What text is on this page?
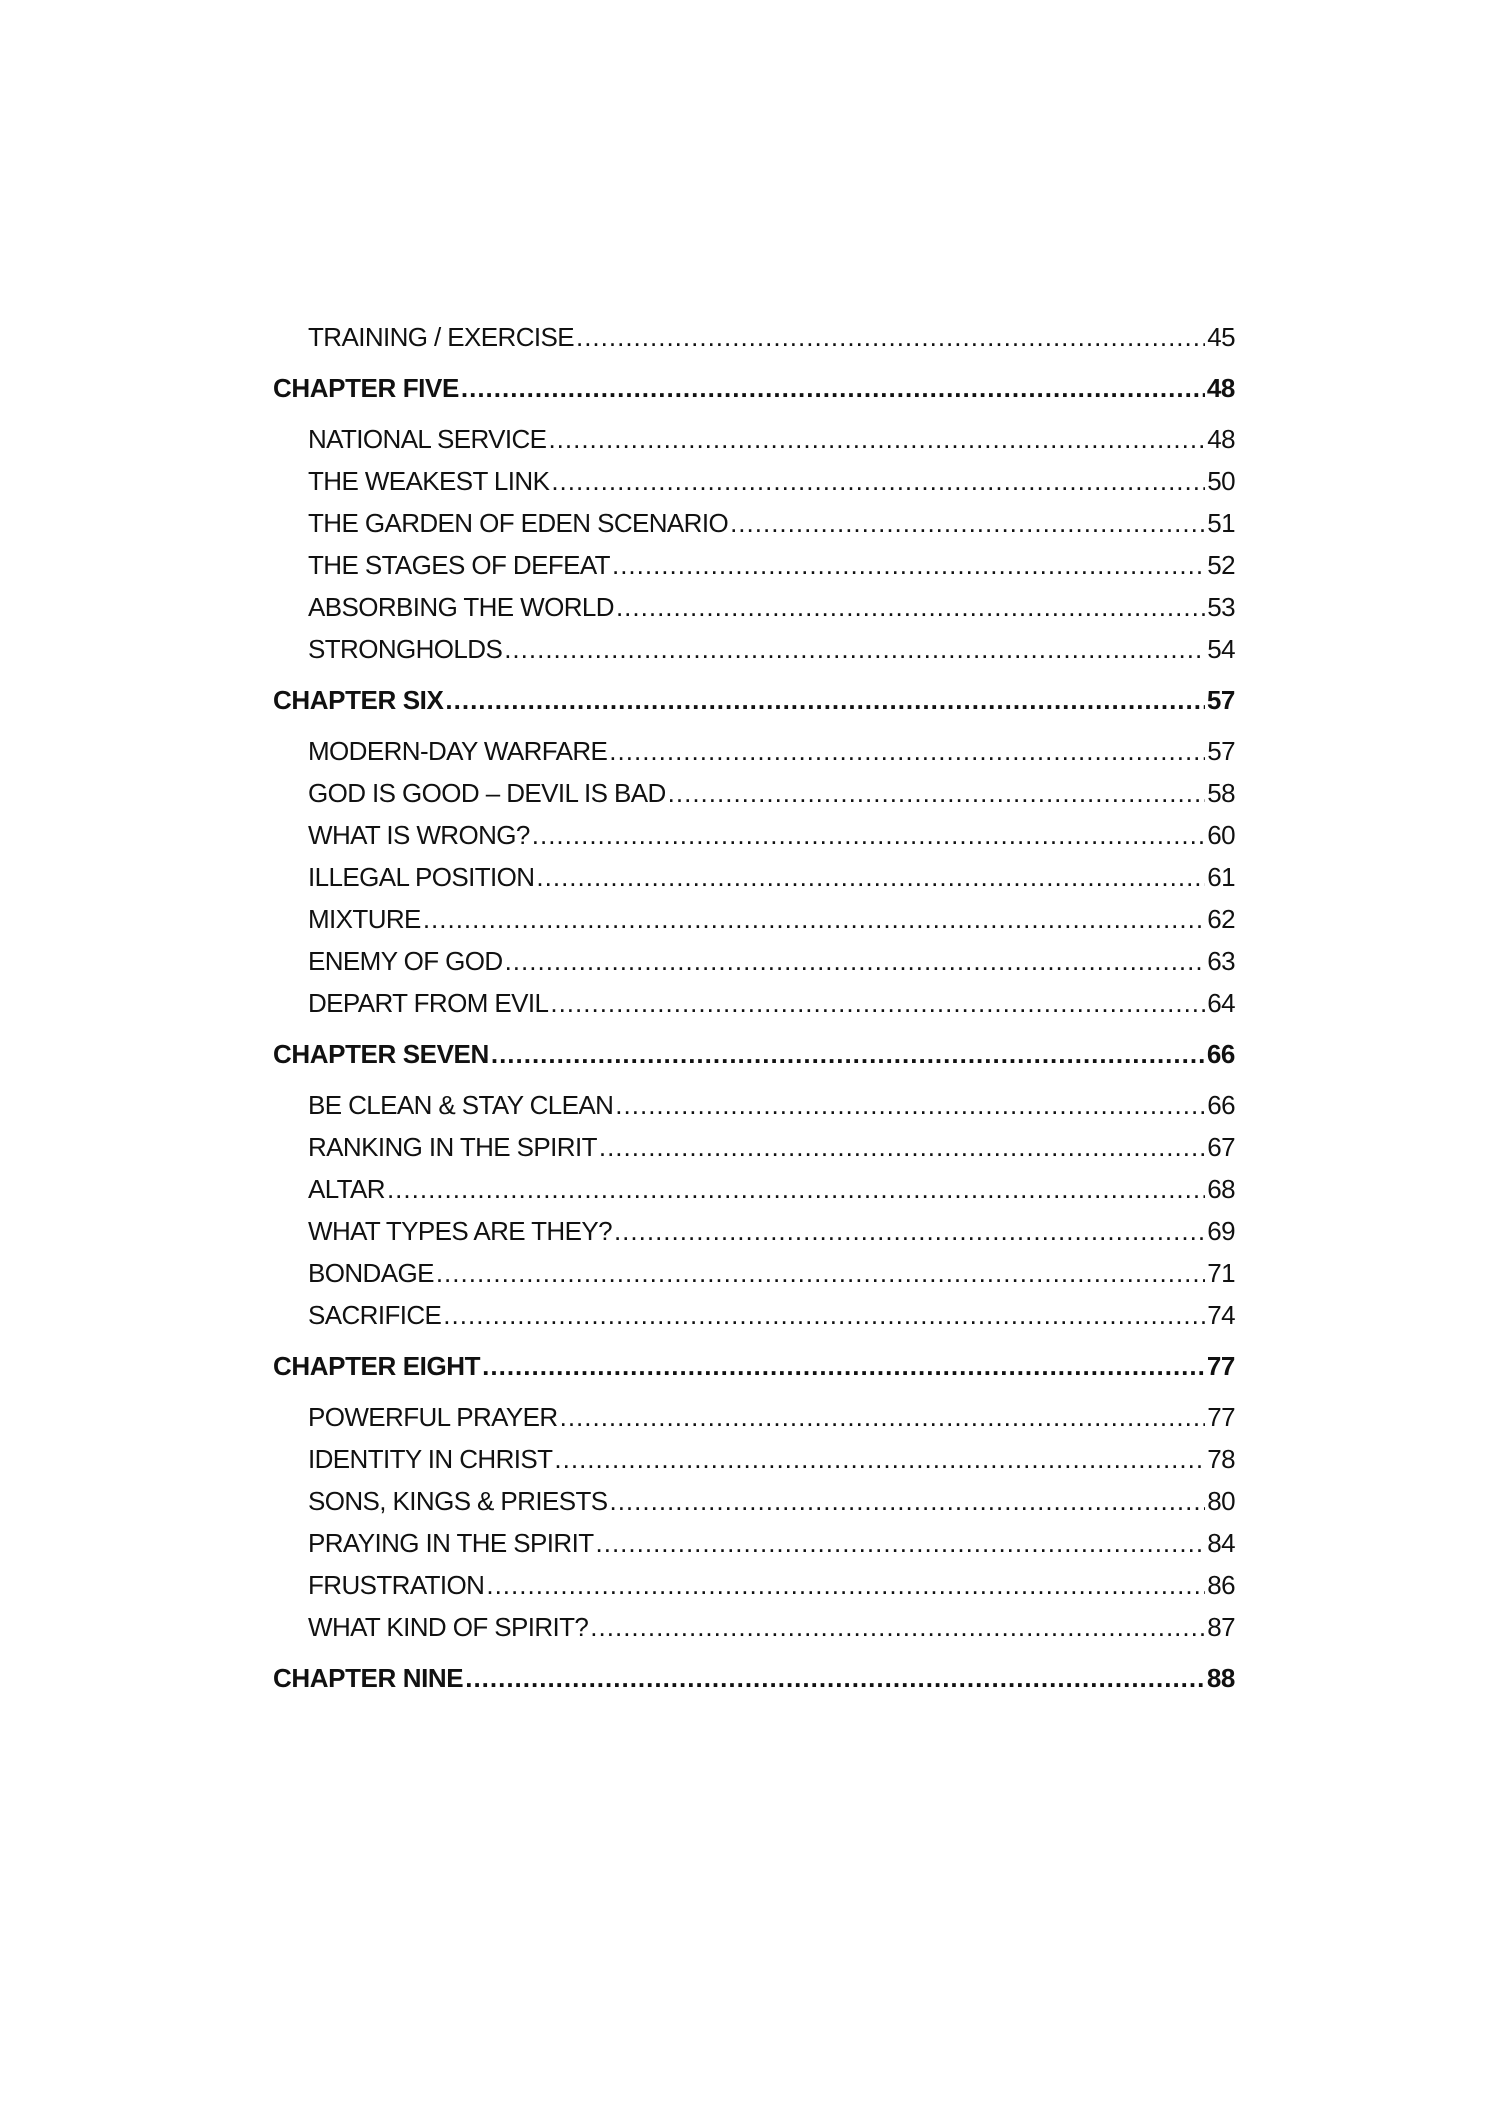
TRAINING / EXERCISE .....	45
CHAPTER FIVE .....	48
NATIONAL SERVICE .....	48
THE WEAKEST LINK .....	50
THE GARDEN OF EDEN SCENARIO .....	51
THE STAGES OF DEFEAT .....	52
ABSORBING THE WORLD .....	53
STRONGHOLDS .....	54
CHAPTER SIX .....	57
MODERN-DAY WARFARE .....	57
GOD IS GOOD – DEVIL IS BAD .....	58
WHAT IS WRONG? .....	60
ILLEGAL POSITION .....	61
MIXTURE .....	62
ENEMY OF GOD .....	63
DEPART FROM EVIL .....	64
CHAPTER SEVEN .....	66
BE CLEAN & STAY CLEAN .....	66
RANKING IN THE SPIRIT .....	67
ALTAR .....	68
WHAT TYPES ARE THEY? .....	69
BONDAGE .....	71
SACRIFICE .....	74
CHAPTER EIGHT .....	77
POWERFUL PRAYER .....	77
IDENTITY IN CHRIST .....	78
SONS, KINGS & PRIESTS .....	80
PRAYING IN THE SPIRIT .....	84
FRUSTRATION .....	86
WHAT KIND OF SPIRIT? .....	87
CHAPTER NINE .....	88
